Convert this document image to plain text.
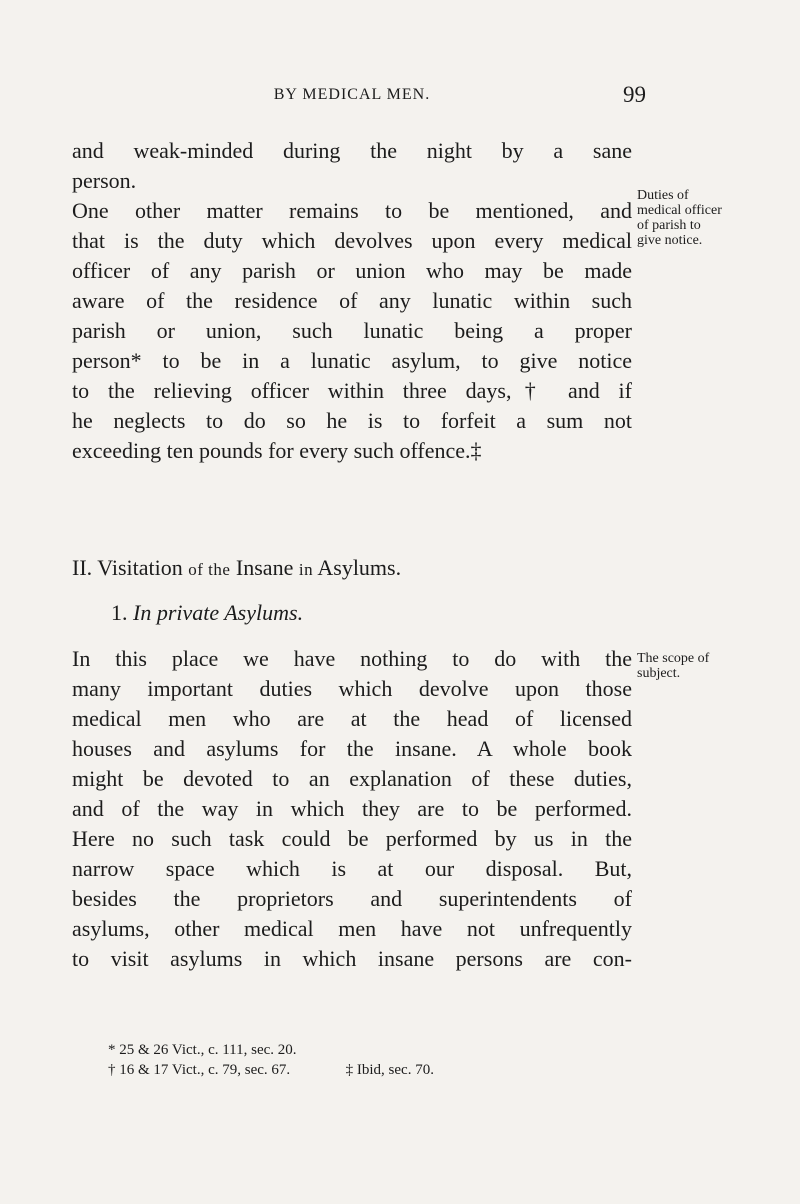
BY MEDICAL MEN.	99
and weak-minded during the night by a sane
person.
One other matter remains to be mentioned, and
that is the duty which devolves upon every medical
officer of any parish or union who may be made
aware of the residence of any lunatic within such
parish or union, such lunatic being a proper
person* to be in a lunatic asylum, to give notice
to the relieving officer within three days,† and if
he neglects to do so he is to forfeit a sum not
exceeding ten pounds for every such offence.‡
Duties of
medical officer
of parish to
give notice.
II. Visitation of the Insane in Asylums.
1. In private Asylums.
In this place we have nothing to do with the
many important duties which devolve upon those
medical men who are at the head of licensed
houses and asylums for the insane. A whole book
might be devoted to an explanation of these duties,
and of the way in which they are to be performed.
Here no such task could be performed by us in the
narrow space which is at our disposal. But,
besides the proprietors and superintendents of
asylums, other medical men have not unfrequently
to visit asylums in which insane persons are con-
The scope of
subject.
* 25 & 26 Vict., c. 111, sec. 20.
† 16 & 17 Vict., c. 79, sec. 67.	‡ Ibid, sec. 70.
